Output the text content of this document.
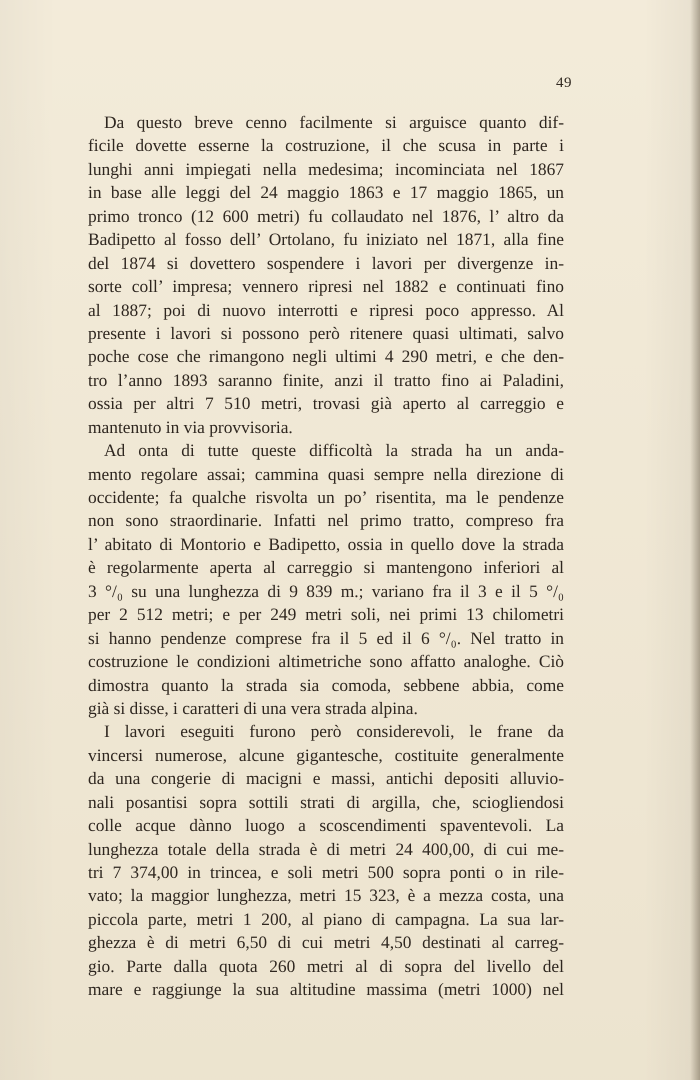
49
Da questo breve cenno facilmente si arguisce quanto dif-
ficile dovette esserne la costruzione, il che scusa in parte i
lunghi anni impiegati nella medesima; incominciata nel 1867
in base alle leggi del 24 maggio 1863 e 17 maggio 1865, un
primo tronco (12 600 metri) fu collaudato nel 1876, l’ altro da
Badipetto al fosso dell’ Ortolano, fu iniziato nel 1871, alla fine
del 1874 si dovettero sospendere i lavori per divergenze in-
sorte coll’ impresa; vennero ripresi nel 1882 e continuati fino
al 1887; poi di nuovo interrotti e ripresi poco appresso. Al
presente i lavori si possono però ritenere quasi ultimati, salvo
poche cose che rimangono negli ultimi 4 290 metri, e che den-
tro l’anno 1893 saranno finite, anzi il tratto fino ai Paladini,
ossia per altri 7 510 metri, trovasi già aperto al carreggio e
mantenuto in via provvisoria.
Ad onta di tutte queste difficoltà la strada ha un anda-
mento regolare assai; cammina quasi sempre nella direzione di
occidente; fa qualche risvolta un po’ risentita, ma le pendenze
non sono straordinarie. Infatti nel primo tratto, compreso fra
l’ abitato di Montorio e Badipetto, ossia in quello dove la strada
è regolarmente aperta al carreggio si mantengono inferiori al
3 °/₀ su una lunghezza di 9 839 m.; variano fra il 3 e il 5 °/₀
per 2 512 metri; e per 249 metri soli, nei primi 13 chilometri
si hanno pendenze comprese fra il 5 ed il 6 °/₀. Nel tratto in
costruzione le condizioni altimetriche sono affatto analoghe. Ciò
dimostra quanto la strada sia comoda, sebbene abbia, come
già si disse, i caratteri di una vera strada alpina.
I lavori eseguiti furono però considerevoli, le frane da
vincersi numerose, alcune gigantesche, costituite generalmente
da una congerie di macigni e massi, antichi depositi alluvio-
nali posantisi sopra sottili strati di argilla, che, sciogliendosi
colle acque dànno luogo a scoscendimenti spaventevoli. La
lunghezza totale della strada è di metri 24 400,00, di cui me-
tri 7 374,00 in trincea, e soli metri 500 sopra ponti o in rile-
vato; la maggior lunghezza, metri 15 323, è a mezza costa, una
piccola parte, metri 1 200, al piano di campagna. La sua lar-
ghezza è di metri 6,50 di cui metri 4,50 destinati al carreg-
gio. Parte dalla quota 260 metri al di sopra del livello del
mare e raggiunge la sua altitudine massima (metri 1000) nel
